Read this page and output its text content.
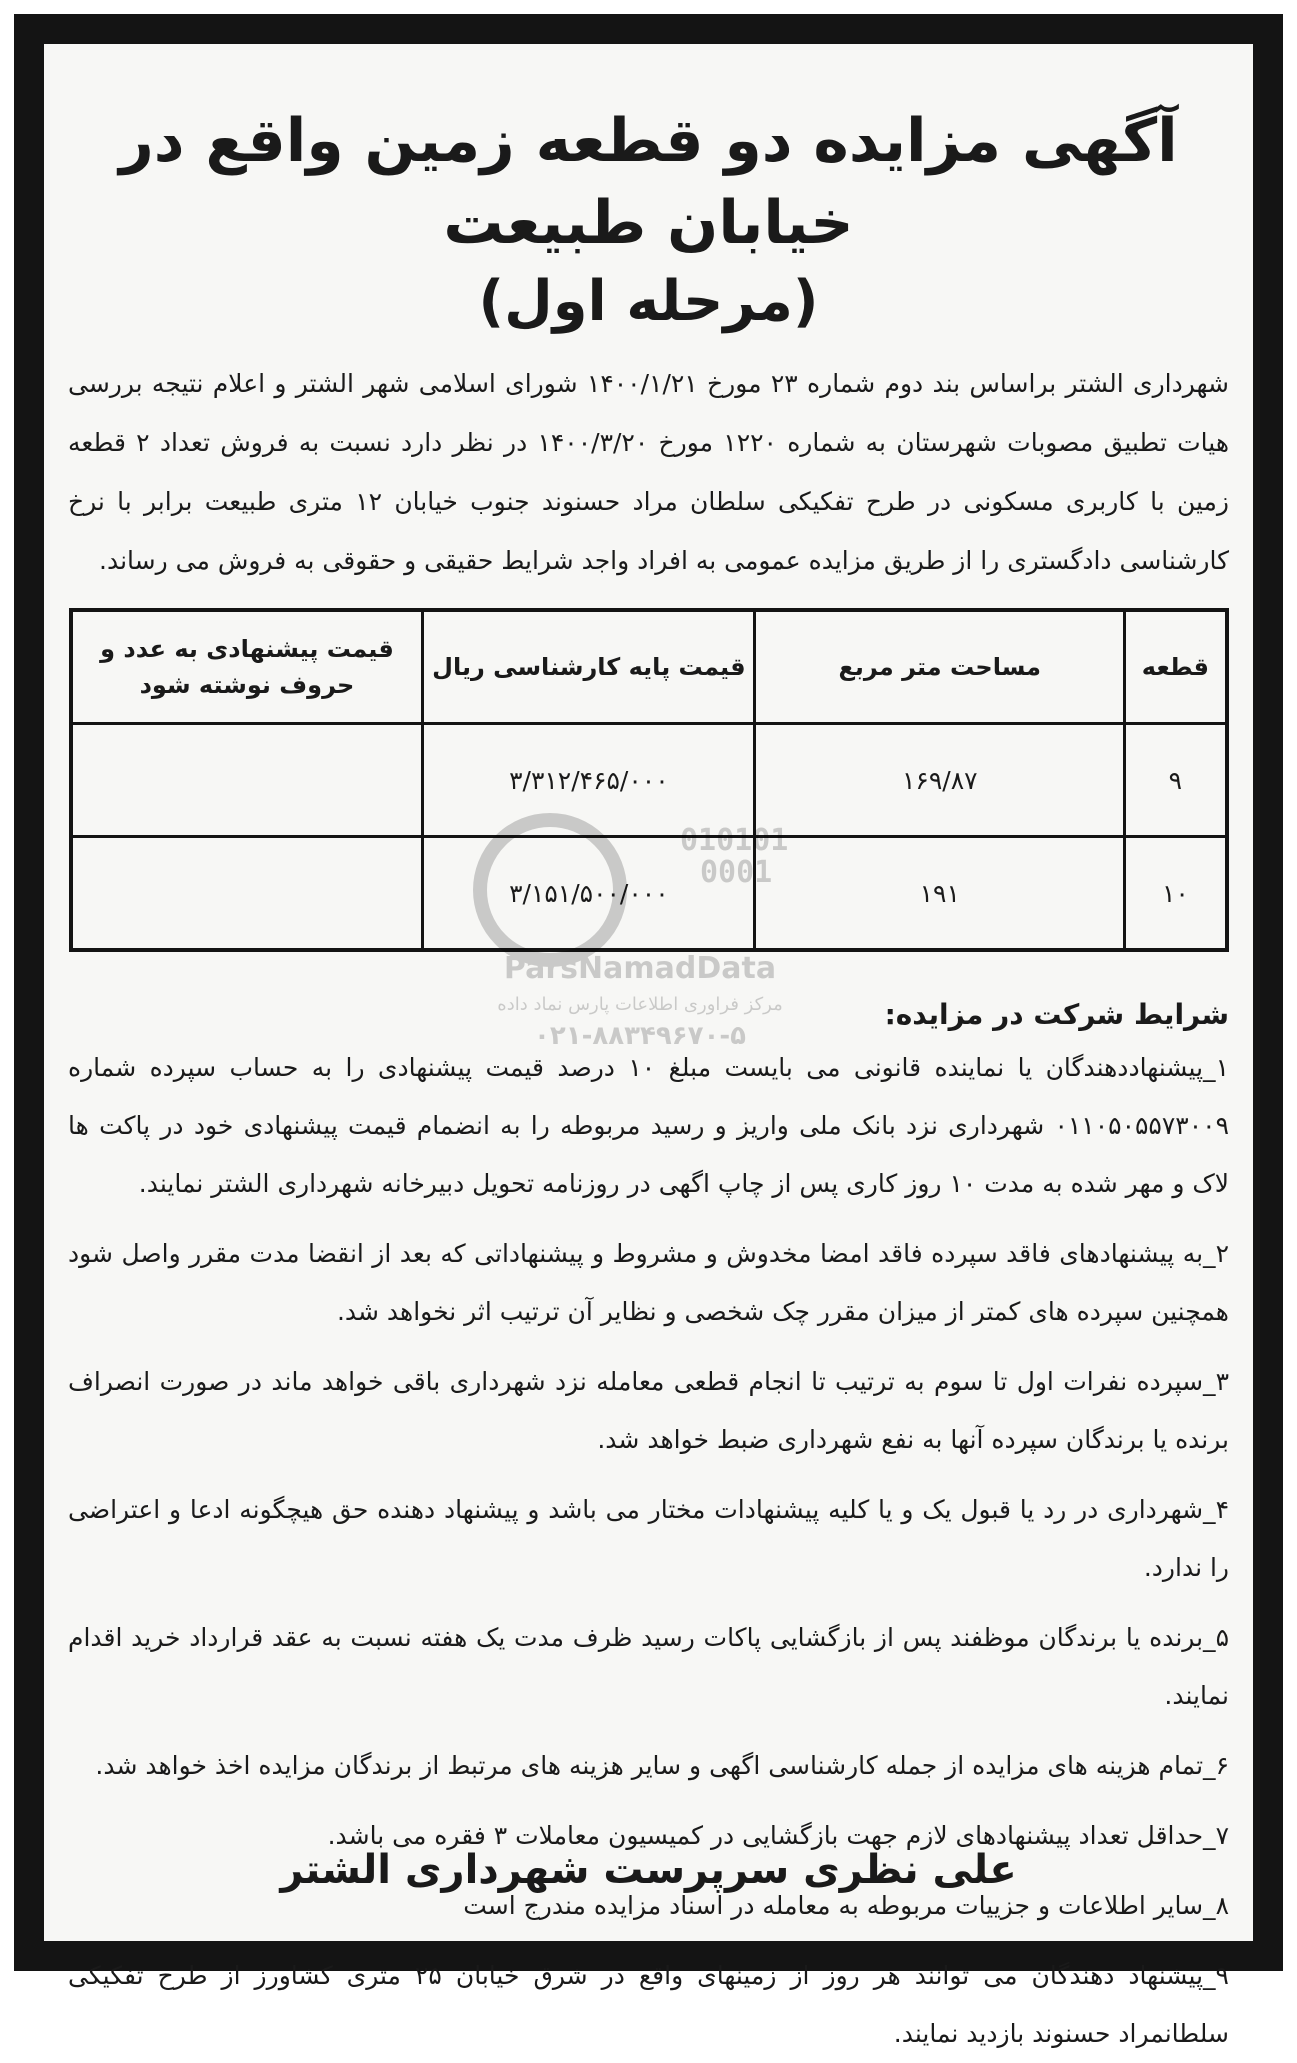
آگهی مزایده دو قطعه زمین واقع در خیابان طبیعت
(مرحله اول)

شهرداری الشتر براساس بند دوم شماره ۲۳ مورخ ۱۴۰۰/۱/۲۱ شورای اسلامی شهر الشتر و اعلام نتیجه بررسی هیات تطبیق مصوبات شهرستان به شماره ۱۲۲۰ مورخ ۱۴۰۰/۳/۲۰ در نظر دارد نسبت به فروش تعداد ۲ قطعه زمین با کاربری مسکونی در طرح تفکیکی سلطان مراد حسنوند جنوب خیابان ۱۲ متری طبیعت برابر با نرخ کارشناسی دادگستری را از طریق مزایده عمومی به افراد واجد شرایط حقیقی و حقوقی به فروش می رساند.

قطعه	مساحت متر مربع	قیمت پایه کارشناسی ریال	قیمت پیشنهادی به عدد و حروف نوشته شود
۹	۱۶۹/۸۷	۳/۳۱۲/۴۶۵/۰۰۰	
۱۰	۱۹۱	۳/۱۵۱/۵۰۰/۰۰۰	
شرایط شرکت در مزایده:
۱_پیشنهاددهندگان یا نماینده قانونی می بایست مبلغ ۱۰ درصد قیمت پیشنهادی را به حساب سپرده شماره ۰۱۱۰۵۰۵۵۷۳۰۰۹ شهرداری نزد بانک ملی واریز و رسید مربوطه را به انضمام قیمت پیشنهادی خود در پاکت ها لاک و مهر شده به مدت ۱۰ روز کاری پس از چاپ اگهی در روزنامه تحویل دبیرخانه شهرداری الشتر نمایند.
۲_به پیشنهادهای فاقد سپرده فاقد امضا مخدوش و مشروط و پیشنهاداتی که بعد از انقضا مدت مقرر واصل شود همچنین سپرده های کمتر از میزان مقرر چک شخصی و نظایر آن ترتیب اثر نخواهد شد.
۳_سپرده نفرات اول تا سوم به ترتیب تا انجام قطعی معامله نزد شهرداری باقی خواهد ماند در صورت انصراف برنده یا برندگان سپرده آنها به نفع شهرداری ضبط خواهد شد.
۴_شهرداری در رد یا قبول یک و یا کلیه پیشنهادات مختار می باشد و پیشنهاد دهنده حق هیچگونه ادعا و اعتراضی را ندارد.
۵_برنده یا برندگان موظفند پس از بازگشایی پاکات رسید ظرف مدت یک هفته نسبت به عقد قرارداد خرید اقدام نمایند.
۶_تمام هزینه های مزایده از جمله کارشناسی اگهی و سایر هزینه های مرتبط از برندگان مزایده اخذ خواهد شد.
۷_حداقل تعداد پیشنهادهای لازم جهت بازگشایی در کمیسیون معاملات ۳ فقره می باشد.
۸_سایر اطلاعات و جزییات مربوطه به معامله در اسناد مزایده مندرج است
۹_پیشنهاد دهندگان می توانند هر روز از زمینهای واقع در شرق خیابان ۲۵ متری کشاورز از طرح تفکیکی سلطانمراد حسنوند بازدید نمایند.
علی نظری سرپرست شهرداری الشتر
